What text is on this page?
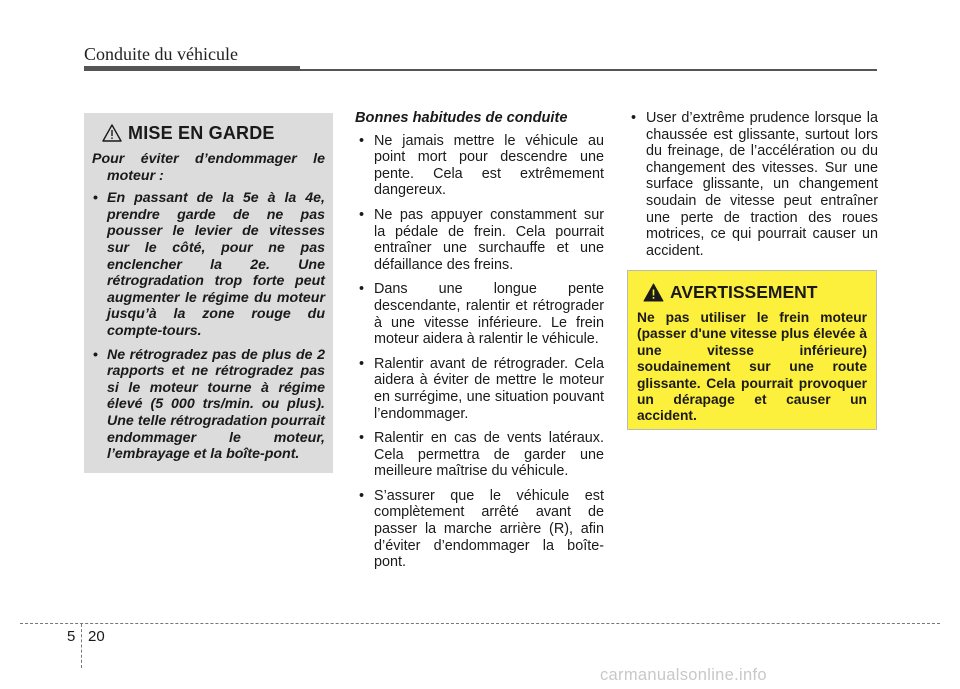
Conduite du véhicule
MISE EN GARDE

Pour éviter d’endommager le moteur :

• En passant de la 5e à la 4e, prendre garde de ne pas pousser le levier de vitesses sur le côté, pour ne pas enclencher la 2e. Une rétrogradation trop forte peut augmenter le régime du moteur jusqu’à la zone rouge du compte-tours.
• Ne rétrogradez pas de plus de 2 rapports et ne rétrogradez pas si le moteur tourne à régime élevé (5 000 trs/min. ou plus). Une telle rétrogradation pourrait endommager le moteur, l’embrayage et la boîte-pont.
Bonnes habitudes de conduite
• Ne jamais mettre le véhicule au point mort pour descendre une pente. Cela est extrêmement dangereux.
• Ne pas appuyer constamment sur la pédale de frein. Cela pourrait entraîner une surchauffe et une défaillance des freins.
• Dans une longue pente descendante, ralentir et rétrograder à une vitesse inférieure. Le frein moteur aidera à ralentir le véhicule.
• Ralentir avant de rétrograder. Cela aidera à éviter de mettre le moteur en surrégime, une situation pouvant l’endommager.
• Ralentir en cas de vents latéraux. Cela permettra de garder une meilleure maîtrise du véhicule.
• S’assurer que le véhicule est complètement arrêté avant de passer la marche arrière (R), afin d’éviter d’endommager la boîte-pont.
• User d’extrême prudence lorsque la chaussée est glissante, surtout lors du freinage, de l’accélération ou du changement des vitesses. Sur une surface glissante, un changement soudain de vitesse peut entraîner une perte de traction des roues motrices, ce qui pourrait causer un accident.
AVERTISSEMENT
Ne pas utiliser le frein moteur (passer d'une vitesse plus élevée à une vitesse inférieure) soudainement sur une route glissante. Cela pourrait provoquer un dérapage et causer un accident.
5 20
carmanualsonline.info
